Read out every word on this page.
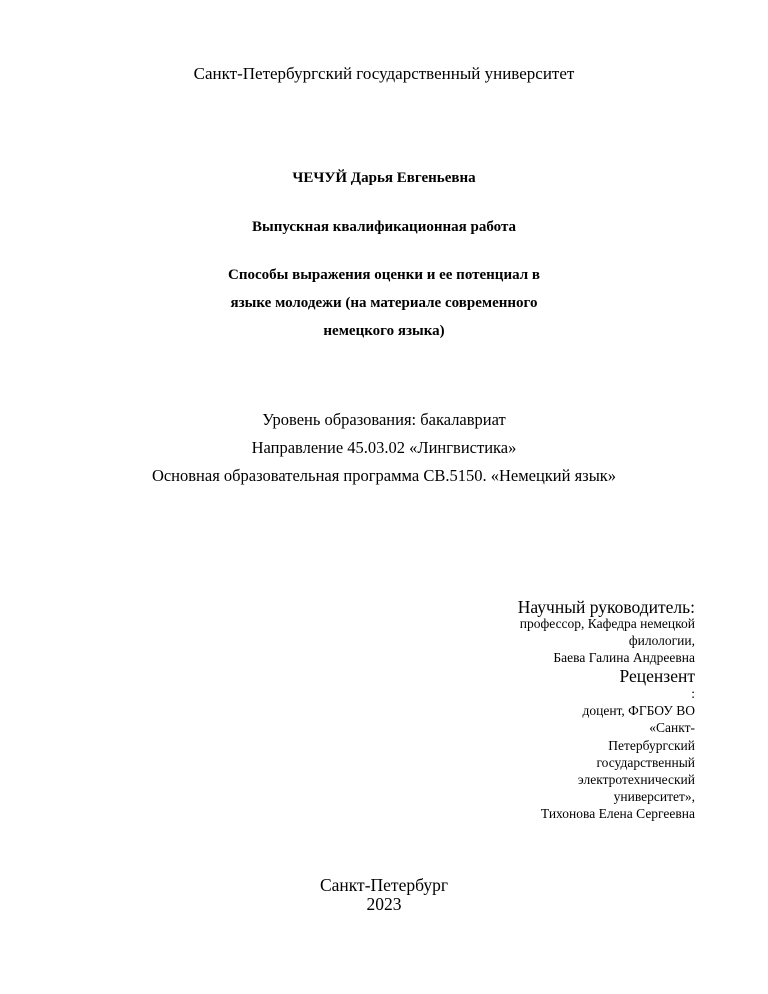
Санкт-Петербургский государственный университет
ЧЕЧУЙ Дарья Евгеньевна
Выпускная квалификационная работа
Способы выражения оценки и ее потенциал в
языке молодежи (на материале современного
немецкого языка)
Уровень образования: бакалавриат
Направление 45.03.02 «Лингвистика»
Основная образовательная программа СВ.5150. «Немецкий язык»
Научный руководитель:
профессор, Кафедра немецкой
филологии,
Баева Галина Андреевна
Рецензент
:
доцент, ФГБОУ ВО
«Санкт-
Петербургский
государственный
электротехнический
университет»,
Тихонова Елена Сергеевна
Санкт-Петербург
2023
